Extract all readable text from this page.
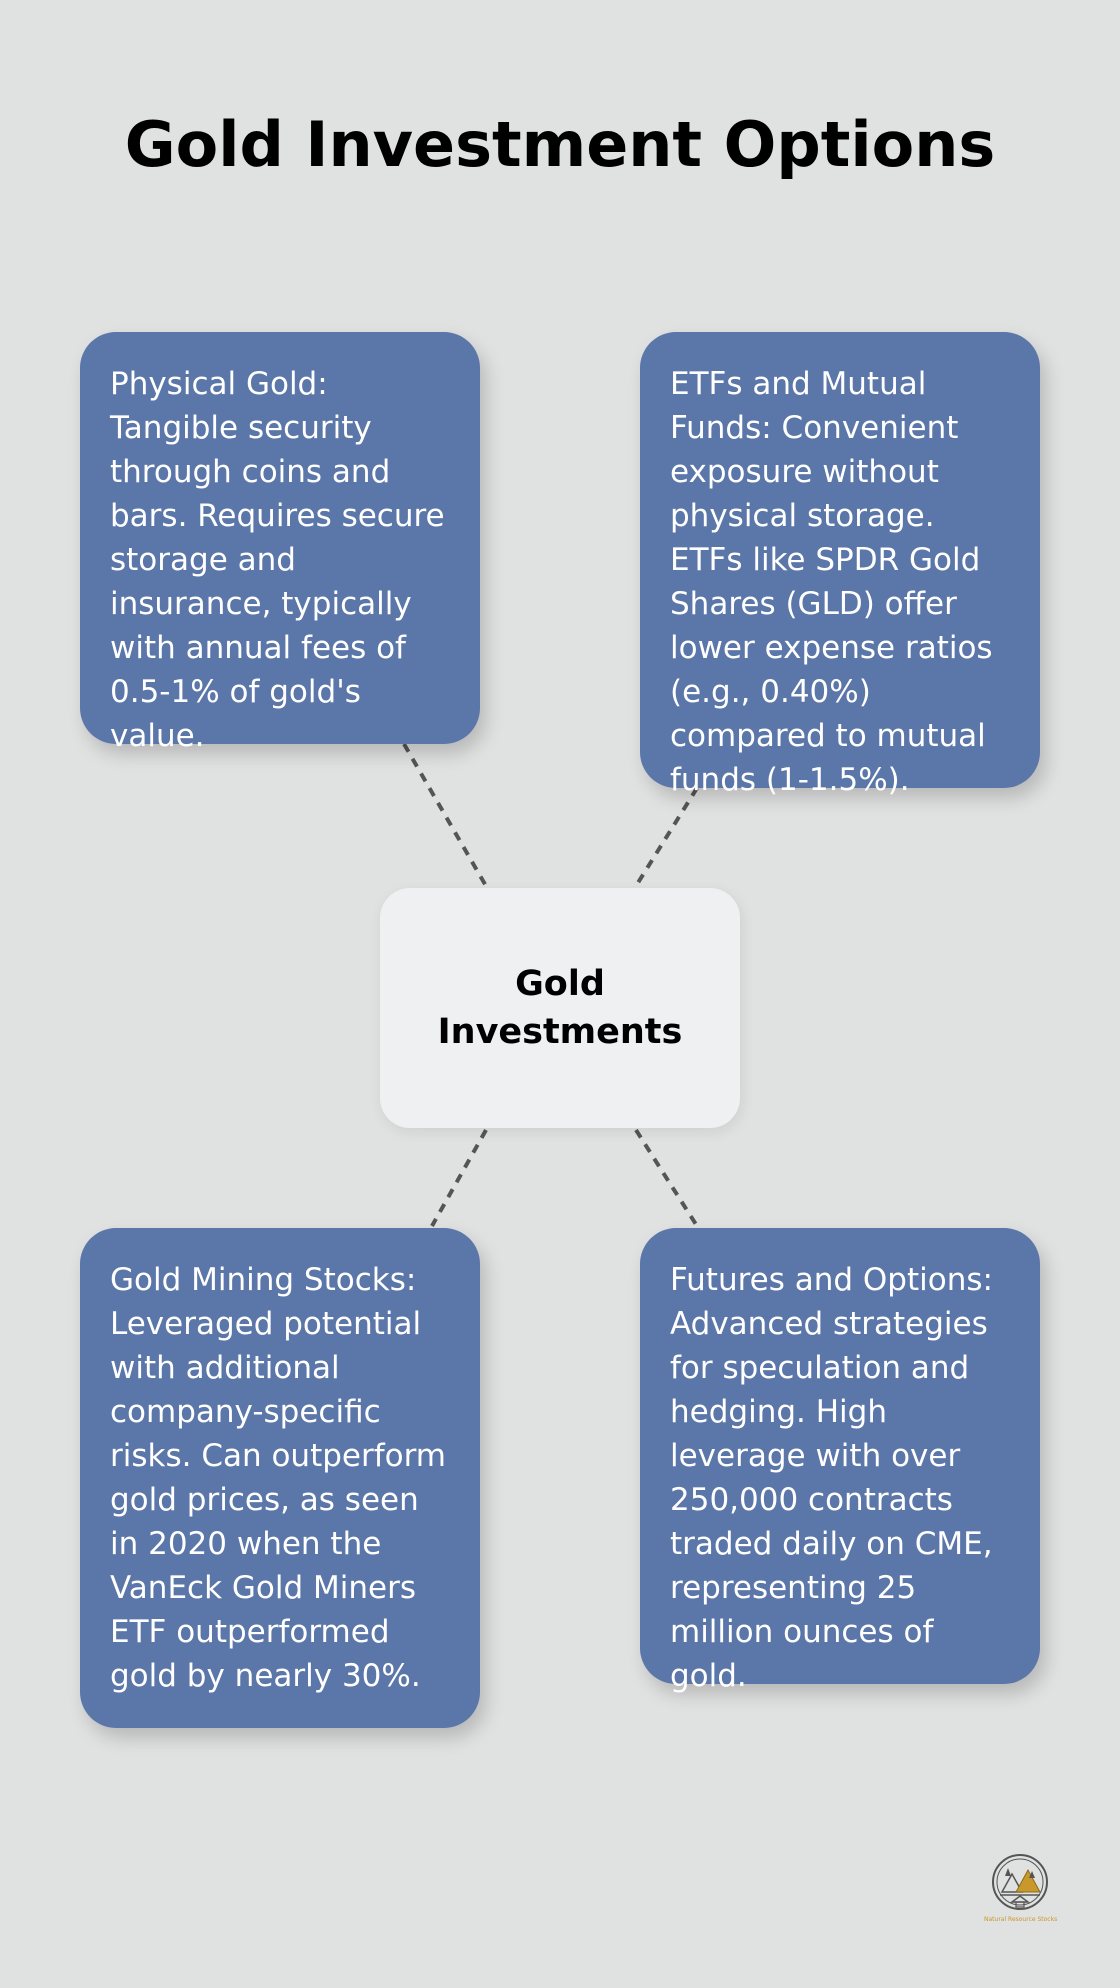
Gold Investment Options
Physical Gold: Tangible security through coins and bars. Requires secure storage and insurance, typically with annual fees of 0.5-1% of gold's value.
ETFs and Mutual Funds: Convenient exposure without physical storage. ETFs like SPDR Gold Shares (GLD) offer lower expense ratios (e.g., 0.40%) compared to mutual funds (1-1.5%).
Gold Investments
Gold Mining Stocks: Leveraged potential with additional company-specific risks. Can outperform gold prices, as seen in 2020 when the VanEck Gold Miners ETF outperformed gold by nearly 30%.
Futures and Options: Advanced strategies for speculation and hedging. High leverage with over 250,000 contracts traded daily on CME, representing 25 million ounces of gold.
Natural Resource Stocks
